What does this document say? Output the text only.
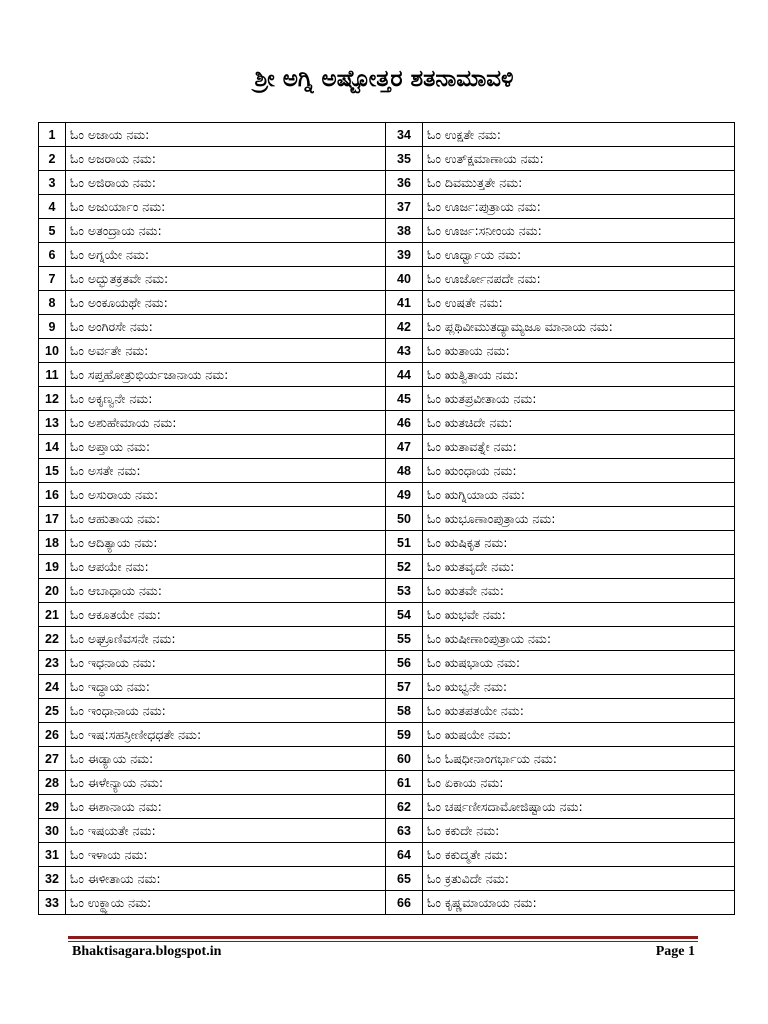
ಶ್ರೀ ಅಗ್ನಿ ಅಷ್ಟೋತ್ತರ ಶತನಾಮಾವಳಿ
1	ಓಂ ಅಜಾಯ ನಮ:		34	ಓಂ ಉಕ್ಷತೇ ನಮ:
2	ಓಂ ಅಜರಾಯ ನಮ:		35	ಓಂ ಉತ್ಕ್ಷಮಾಣಾಯ ನಮ:
3	ಓಂ ಅಜಿರಾಯ ನಮ:		36	ಓಂ ದಿವಮುತ್ತತೇ ನಮ:
4	ಓಂ ಅಜುರ್ಯಾಂ ನಮ:		37	ಓಂ ಊರ್ಜ:ಪುತ್ರಾಯ ನಮ:
5	ಓಂ ಅತಂದ್ರಾಯ ನಮ:		38	ಓಂ ಊರ್ಜ:ಸನೀಂಯ ನಮ:
6	ಓಂ ಅಗ್ನಯೇ ನಮ:		39	ಓಂ ಊರ್ಧ್ವಾಯ ನಮ:
7	ಓಂ ಅದ್ಭುತಕ್ರತವೇ ನಮ:		40	ಓಂ ಊರ್ಜೋನಪದೇ ನಮ:
8	ಓಂ ಅಂಕೂಯಥೇ ನಮ:		41	ಓಂ ಉಷತೇ ನಮ:
9	ಓಂ ಅಂಗಿರಸೇ ನಮ:		42	ಓಂ ಪ್ಲಥಿವೀಮುತದ್ಯಾಮ್ಯಜೂ ಮಾನಾಯ ನಮ:
10	ಓಂ ಅರ್ವತೇ ನಮ:		43	ಓಂ ಋತಾಯ ನಮ:
11	ಓಂ ಸಪ್ತಹೋತ್ರುಭಿರ್ಯಜಾನಾಯ ನಮ:		44	ಓಂ ಋತ್ವಿತಾಯ ನಮ:
12	ಓಂ ಅಕೃಣ್ವನೇ ನಮ:		45	ಓಂ ಋತಪ್ರವೀತಾಯ ನಮ:
13	ಓಂ ಅಶುಹೇಮಾಯ ನಮ:		46	ಓಂ ಋತಚಿದೇ ನಮ:
14	ಓಂ ಅಪ್ತಾಯ ನಮ:		47	ಓಂ ಋತಾವತ್ನೇ ನಮ:
15	ಓಂ ಅಸತೇ ನಮ:		48	ಓಂ ಋಂಧಾಯ ನಮ:
16	ಓಂ ಅಸುರಾಯ ನಮ:		49	ಓಂ ಋಗ್ನಿಯಾಯ ನಮ:
17	ಓಂ ಆಹುತಾಯ ನಮ:		50	ಓಂ ಋಭೂಣಾಂಪುತ್ರಾಯ ನಮ:
18	ಓಂ ಆದಿತ್ಯಾಯ ನಮ:		51	ಓಂ ಋಷಿಕೃತ ನಮ:
19	ಓಂ ಆಪಯೇ ನಮ:		52	ಓಂ ಋತವೃದೇ ನಮ:
20	ಓಂ ಆಬಾಧಾಯ ನಮ:		53	ಓಂ ಋತವೇ ನಮ:
21	ಓಂ ಆಕೂತಯೇ ನಮ:		54	ಓಂ ಋಭವೇ ನಮ:
22	ಓಂ ಅಘ್ರೂಣಿವಸನೇ ನಮ:		55	ಓಂ ಋಷೀಣಾಂಪುತ್ರಾಯ ನಮ:
23	ಓಂ ಇಧನಾಯ ನಮ:		56	ಓಂ ಋಷಭಾಯ ನಮ:
24	ಓಂ ಇದ್ಧಾಯ ನಮ:		57	ಓಂ ಋಭ್ವನೇ ನಮ:
25	ಓಂ ಇಂಧಾನಾಯ ನಮ:		58	ಓಂ ಋತಪತಯೇ ನಮ:
26	ಓಂ ಇಷ:ಸಹಸ್ರೀಣೀಧಧತೇ ನಮ:		59	ಓಂ ಋಷಯೇ ನಮ:
27	ಓಂ ಈಡ್ಯಾಯ ನಮ:		60	ಓಂ ಓಷಧೀನಾಂಗರ್ಭಾಯ ನಮ:
28	ಓಂ ಈಳೇನ್ಯಾಯ ನಮ:		61	ಓಂ ಏಕಾಯ ನಮ:
29	ಓಂ ಈಶಾನಾಯ ನಮ:		62	ಓಂ ಚರ್ಷಣೀಸದಾಮೋಜಿಷ್ಟಾಯ ನಮ:
30	ಓಂ ಇಷಯತೇ ನಮ:		63	ಓಂ ಕಕುದೇ ನಮ:
31	ಓಂ ಇಳಾಯ ನಮ:		64	ಓಂ ಕಕುದ್ಮತೇ ನಮ:
32	ಓಂ ಈಳೀತಾಯ ನಮ:		65	ಓಂ ಕ್ರತುವಿದೇ ನಮ:
33	ಓಂ ಉಕ್ಥ್ಯಾಯ ನಮ:		66	ಓಂ ಕೃಷ್ಣಮಾಯಾಯ ನಮ:
Bhaktisagara.blogspot.in	Page 1
